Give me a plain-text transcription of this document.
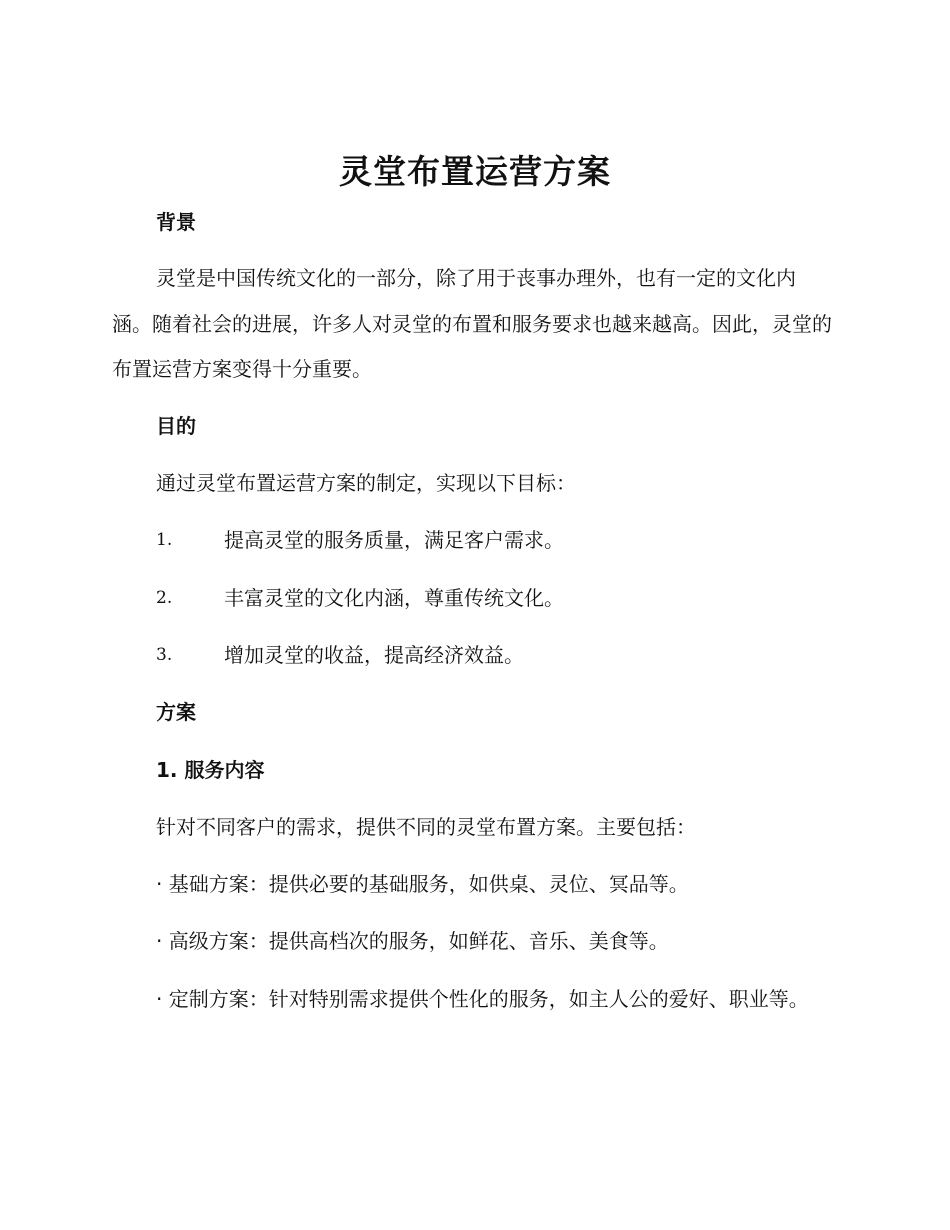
灵堂布置运营方案
背景

灵堂是中国传统文化的一部分，除了用于丧事办理外，也有一定的文化内涵。随着社会的进展，许多人对灵堂的布置和服务要求也越来越高。因此，灵堂的布置运营方案变得十分重要。

目的
通过灵堂布置运营方案的制定，实现以下目标：
1.	提高灵堂的服务质量，满足客户需求。
2.	丰富灵堂的文化内涵，尊重传统文化。
3.	增加灵堂的收益，提高经济效益。
方案
1. 服务内容
针对不同客户的需求，提供不同的灵堂布置方案。主要包括：
· 基础方案：提供必要的基础服务，如供桌、灵位、冥品等。
· 高级方案：提供高档次的服务，如鲜花、音乐、美食等。

· 定制方案：针对特别需求提供个性化的服务，如主人公的爱好、职业等。
